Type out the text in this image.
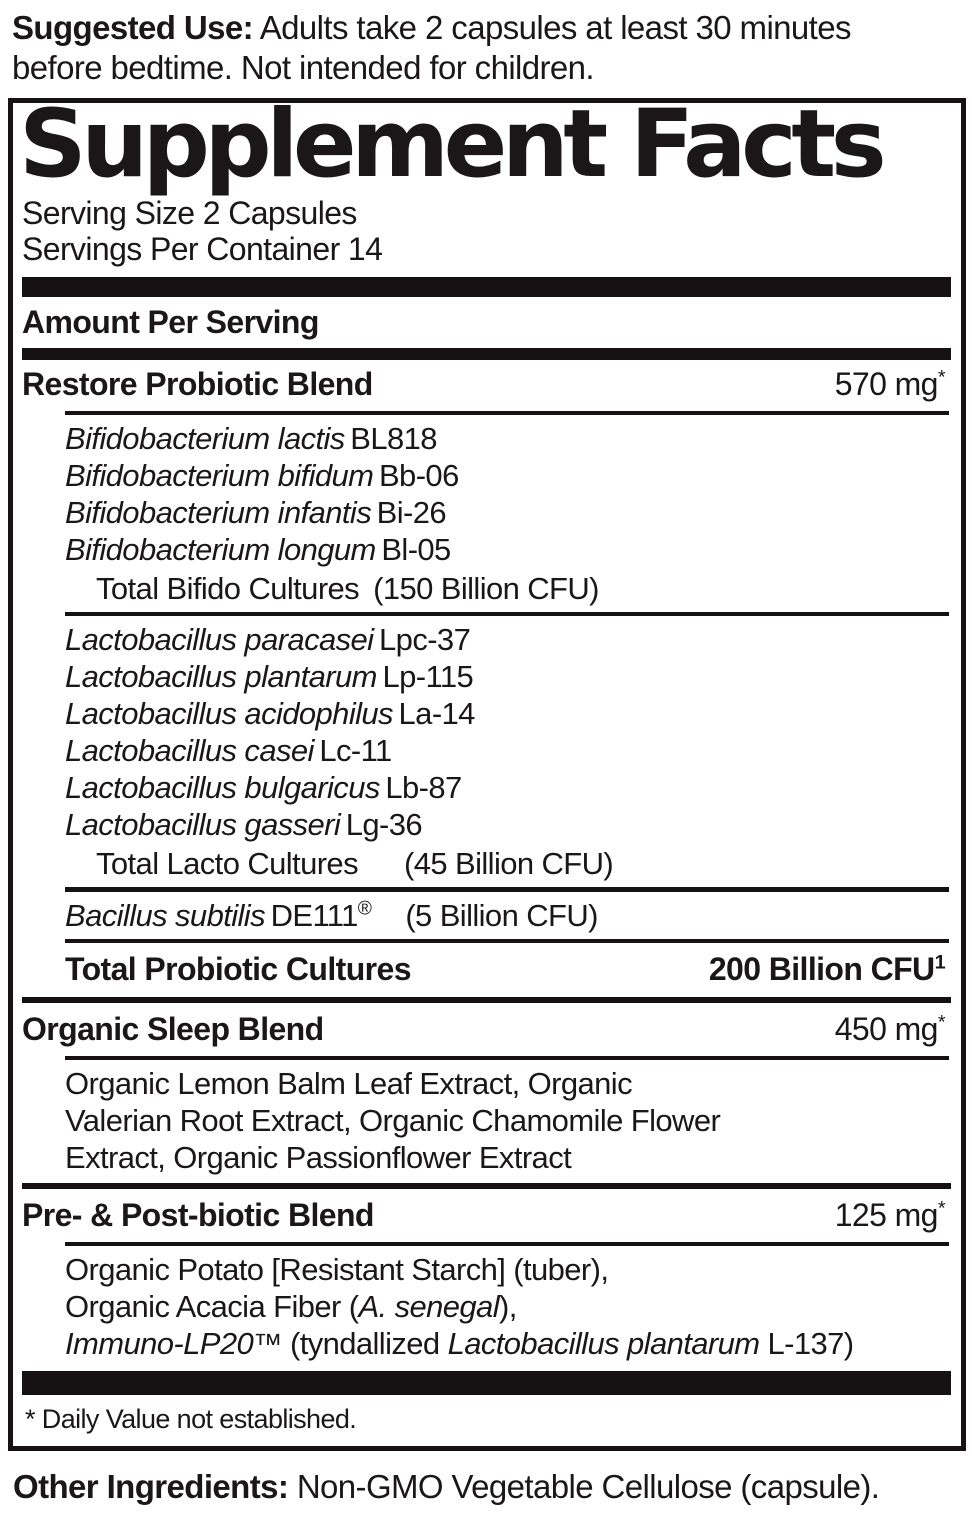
Suggested Use: Adults take 2 capsules at least 30 minutes
before bedtime. Not intended for children.

Supplement Facts
Serving Size 2 Capsules
Servings Per Container 14
Amount Per Serving
Restore Probiotic Blend	570 mg*
Bifidobacterium lactis BL818
Bifidobacterium bifidum Bb-06
Bifidobacterium infantis Bi-26
Bifidobacterium longum Bl-05
Total Bifido Cultures (150 Billion CFU)
Lactobacillus paracasei Lpc-37
Lactobacillus plantarum Lp-115
Lactobacillus acidophilus La-14
Lactobacillus casei Lc-11
Lactobacillus bulgaricus Lb-87
Lactobacillus gasseri Lg-36
Total Lacto Cultures (45 Billion CFU)
Bacillus subtilis DE111® (5 Billion CFU)
Total Probiotic Cultures	200 Billion CFU$^1$
Organic Sleep Blend	450 mg*
Organic Lemon Balm Leaf Extract, Organic
Valerian Root Extract, Organic Chamomile Flower
Extract, Organic Passionflower Extract
Pre- & Post-biotic Blend	125 mg*
Organic Potato [Resistant Starch] (tuber),
Organic Acacia Fiber (A. senegal),
Immuno-LP20™ (tyndallized Lactobacillus plantarum L-137)
* Daily Value not established.

Other Ingredients: Non-GMO Vegetable Cellulose (capsule).
